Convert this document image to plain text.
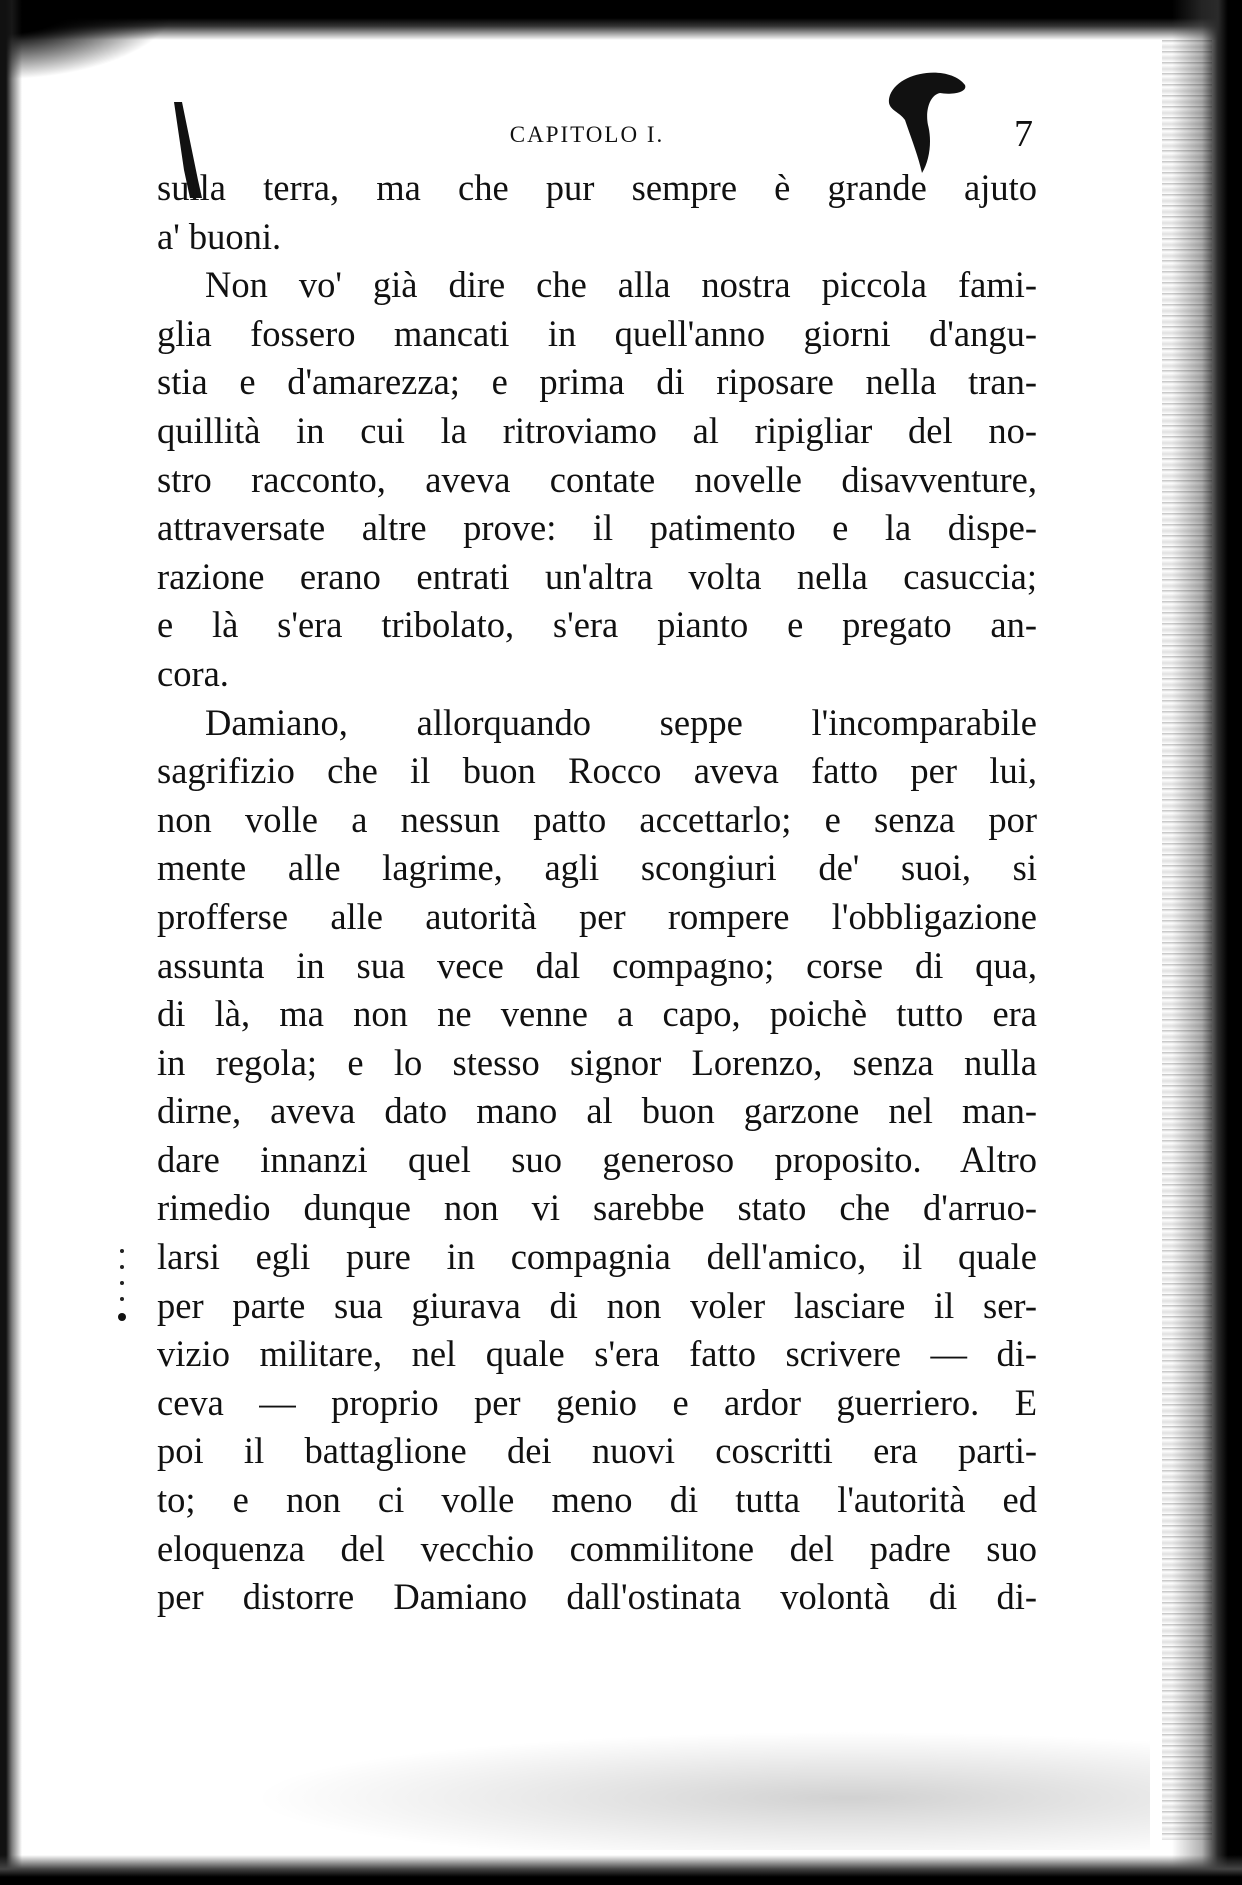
CAPITOLO I.	7
sulla terra, ma che pur sempre è grande ajuto
a' buoni.
Non vo' già dire che alla nostra piccola fami-
glia fossero mancati in quell'anno giorni d'angu-
stia e d'amarezza; e prima di riposare nella tran-
quillità in cui la ritroviamo al ripigliar del no-
stro racconto, aveva contate novelle disavventure,
attraversate altre prove: il patimento e la dispe-
razione erano entrati un'altra volta nella casuccia;
e là s'era tribolato, s'era pianto e pregato an-
cora.
Damiano, allorquando seppe l'incomparabile
sagrifizio che il buon Rocco aveva fatto per lui,
non volle a nessun patto accettarlo; e senza por
mente alle lagrime, agli scongiuri de' suoi, si
profferse alle autorità per rompere l'obbligazione
assunta in sua vece dal compagno; corse di qua,
di là, ma non ne venne a capo, poichè tutto era
in regola; e lo stesso signor Lorenzo, senza nulla
dirne, aveva dato mano al buon garzone nel man-
dare innanzi quel suo generoso proposito. Altro
rimedio dunque non vi sarebbe stato che d'arruo-
larsi egli pure in compagnia dell'amico, il quale
per parte sua giurava di non voler lasciare il ser-
vizio militare, nel quale s'era fatto scrivere — di-
ceva — proprio per genio e ardor guerriero. E
poi il battaglione dei nuovi coscritti era parti-
to; e non ci volle meno di tutta l'autorità ed
eloquenza del vecchio commilitone del padre suo
per distorre Damiano dall'ostinata volontà di di-
